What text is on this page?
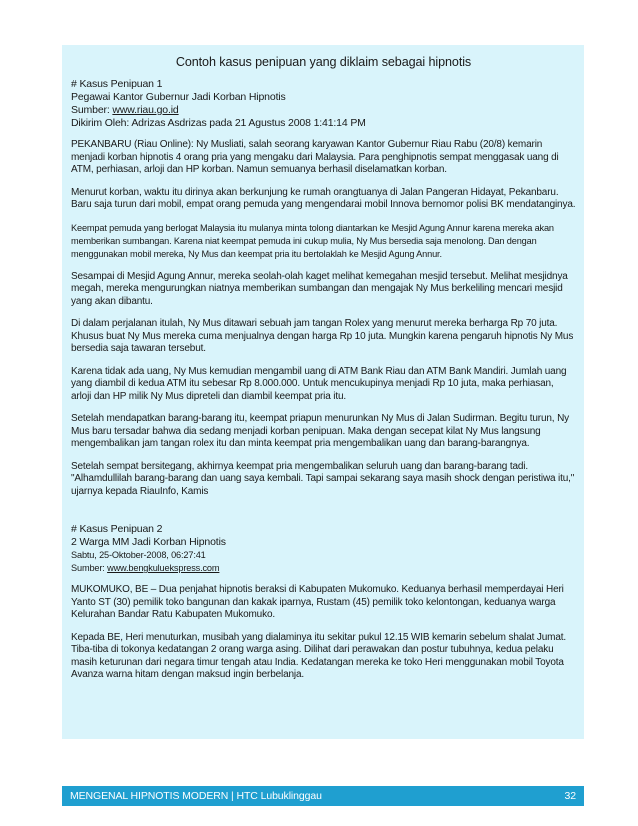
Contoh kasus penipuan yang diklaim sebagai hipnotis

# Kasus Penipuan 1

Pegawai Kantor Gubernur Jadi Korban Hipnotis

Sumber: www.riau.go.id

Dikirim Oleh: Adrizas Asdrizas pada 21 Agustus 2008 1:41:14 PM

PEKANBARU (Riau Online): Ny Musliati, salah seorang karyawan Kantor Gubernur Riau Rabu (20/8) kemarin menjadi korban hipnotis 4 orang pria yang mengaku dari Malaysia. Para penghipnotis sempat menggasak uang di ATM, perhiasan, arloji dan HP korban. Namun semuanya berhasil diselamatkan korban.

Menurut korban, waktu itu dirinya akan berkunjung ke rumah orangtuanya di Jalan Pangeran Hidayat, Pekanbaru. Baru saja turun dari mobil, empat orang pemuda yang mengendarai mobil Innova bernomor polisi BK mendatanginya.

Keempat pemuda yang berlogat Malaysia itu mulanya minta tolong diantarkan ke Mesjid Agung Annur karena mereka akan memberikan sumbangan. Karena niat keempat pemuda ini cukup mulia, Ny Mus bersedia saja menolong. Dan dengan menggunakan mobil mereka, Ny Mus dan keempat pria itu bertolaklah ke Mesjid Agung Annur.

Sesampai di Mesjid Agung Annur, mereka seolah-olah kaget melihat kemegahan mesjid tersebut. Melihat mesjidnya megah, mereka mengurungkan niatnya memberikan sumbangan dan mengajak Ny Mus berkeliling mencari mesjid yang akan dibantu.

Di dalam perjalanan itulah, Ny Mus ditawari sebuah jam tangan Rolex yang menurut mereka berharga Rp 70 juta. Khusus buat Ny Mus mereka cuma menjualnya dengan harga Rp 10 juta. Mungkin karena pengaruh hipnotis Ny Mus bersedia saja tawaran tersebut.

Karena tidak ada uang, Ny Mus kemudian mengambil uang di ATM Bank Riau dan ATM Bank Mandiri. Jumlah uang yang diambil di kedua ATM itu sebesar Rp 8.000.000. Untuk mencukupinya menjadi Rp 10 juta, maka perhiasan, arloji dan HP milik Ny Mus dipreteli dan diambil keempat pria itu.

Setelah mendapatkan barang-barang itu, keempat priapun menurunkan Ny Mus di Jalan Sudirman. Begitu turun, Ny Mus baru tersadar bahwa dia sedang menjadi korban penipuan. Maka dengan secepat kilat Ny Mus langsung mengembalikan jam tangan rolex itu dan minta keempat pria mengembalikan uang dan barang-barangnya.

Setelah sempat bersitegang, akhirnya keempat pria mengembalikan seluruh uang dan barang-barang tadi. "Alhamdullilah barang-barang dan uang saya kembali. Tapi sampai sekarang saya masih shock dengan peristiwa itu," ujarnya kepada RiauInfo, Kamis

# Kasus Penipuan 2

2 Warga MM Jadi Korban Hipnotis

Sabtu, 25-Oktober-2008, 06:27:41

Sumber: www.bengkuluekspress.com

MUKOMUKO, BE – Dua penjahat hipnotis beraksi di Kabupaten Mukomuko. Keduanya berhasil memperdayai Heri Yanto ST (30) pemilik toko bangunan dan kakak iparnya, Rustam (45) pemilik toko kelontongan, keduanya warga Kelurahan Bandar Ratu Kabupaten Mukomuko.

Kepada BE, Heri menuturkan, musibah yang dialaminya itu sekitar pukul 12.15 WIB kemarin sebelum shalat Jumat. Tiba-tiba di tokonya kedatangan 2 orang warga asing. Dilihat dari perawakan dan postur tubuhnya, kedua pelaku masih keturunan dari negara timur tengah atau India. Kedatangan mereka ke toko Heri menggunakan mobil Toyota Avanza warna hitam dengan maksud ingin berbelanja.

MENGENAL HIPNOTIS MODERN | HTC Lubuklinggau	32
